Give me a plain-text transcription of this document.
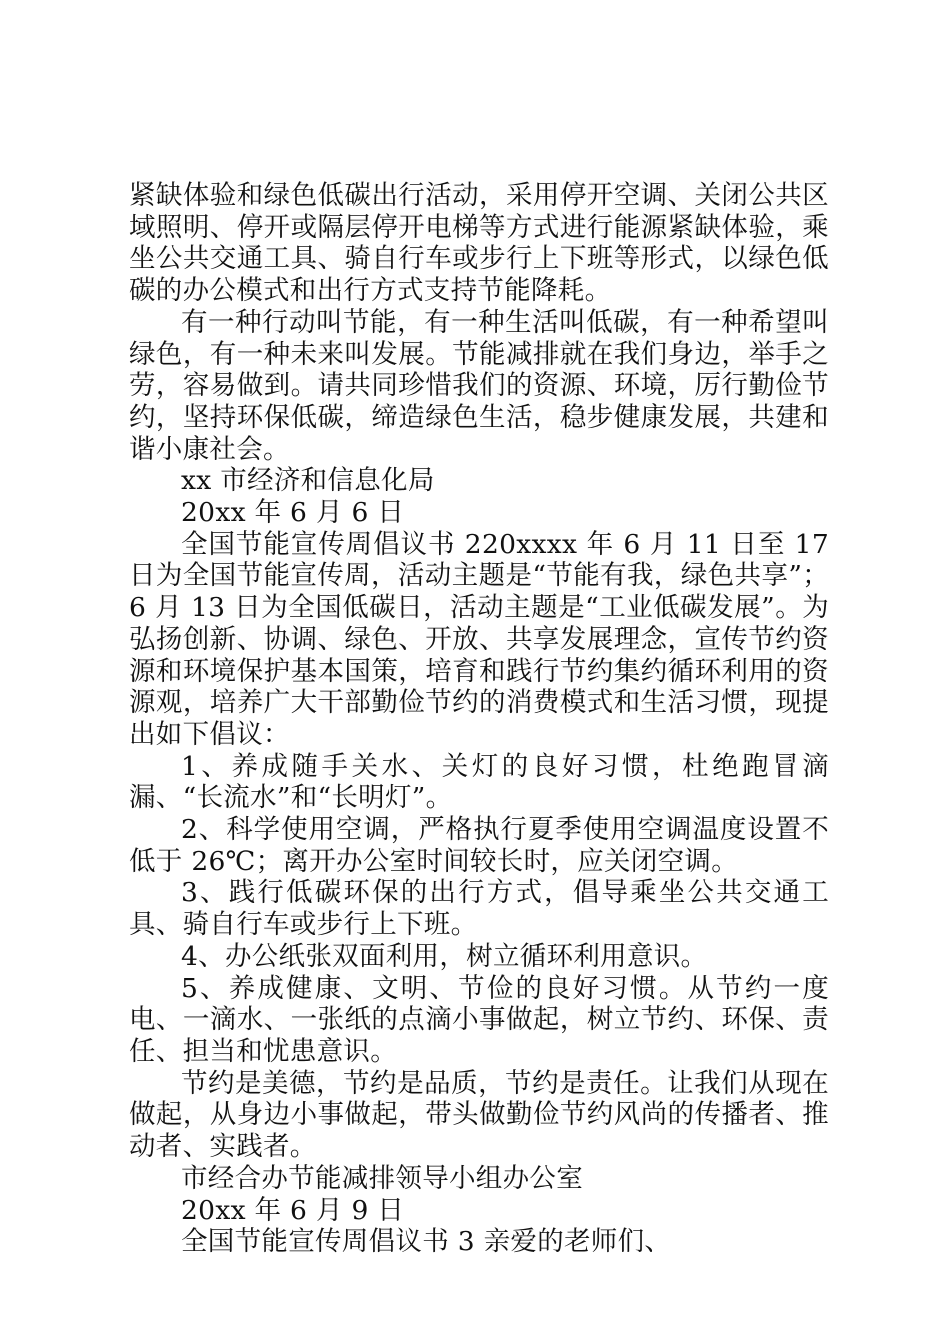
紧缺体验和绿色低碳出行活动，采用停开空调、关闭公共区域照明、停开或隔层停开电梯等方式进行能源紧缺体验，乘坐公共交通工具、骑自行车或步行上下班等形式，以绿色低碳的办公模式和出行方式支持节能降耗。

有一种行动叫节能，有一种生活叫低碳，有一种希望叫绿色，有一种未来叫发展。节能减排就在我们身边，举手之劳，容易做到。请共同珍惜我们的资源、环境，厉行勤俭节约，坚持环保低碳，缔造绿色生活，稳步健康发展，共建和谐小康社会。

xx 市经济和信息化局

20xx 年 6 月 6 日

全国节能宣传周倡议书 220xxxx 年 6 月 11 日至 17 日为全国节能宣传周，活动主题是“节能有我，绿色共享”；6 月 13 日为全国低碳日，活动主题是“工业低碳发展”。为弘扬创新、协调、绿色、开放、共享发展理念，宣传节约资源和环境保护基本国策，培育和践行节约集约循环利用的资源观，培养广大干部勤俭节约的消费模式和生活习惯，现提出如下倡议：

1、养成随手关水、关灯的良好习惯，杜绝跑冒滴漏、“长流水”和“长明灯”。

2、科学使用空调，严格执行夏季使用空调温度设置不低于 26℃；离开办公室时间较长时，应关闭空调。

3、践行低碳环保的出行方式，倡导乘坐公共交通工具、骑自行车或步行上下班。

4、办公纸张双面利用，树立循环利用意识。

5、养成健康、文明、节俭的良好习惯。从节约一度电、一滴水、一张纸的点滴小事做起，树立节约、环保、责任、担当和忧患意识。

节约是美德，节约是品质，节约是责任。让我们从现在做起，从身边小事做起，带头做勤俭节约风尚的传播者、推动者、实践者。

市经合办节能减排领导小组办公室

20xx 年 6 月 9 日

全国节能宣传周倡议书 3 亲爱的老师们、
